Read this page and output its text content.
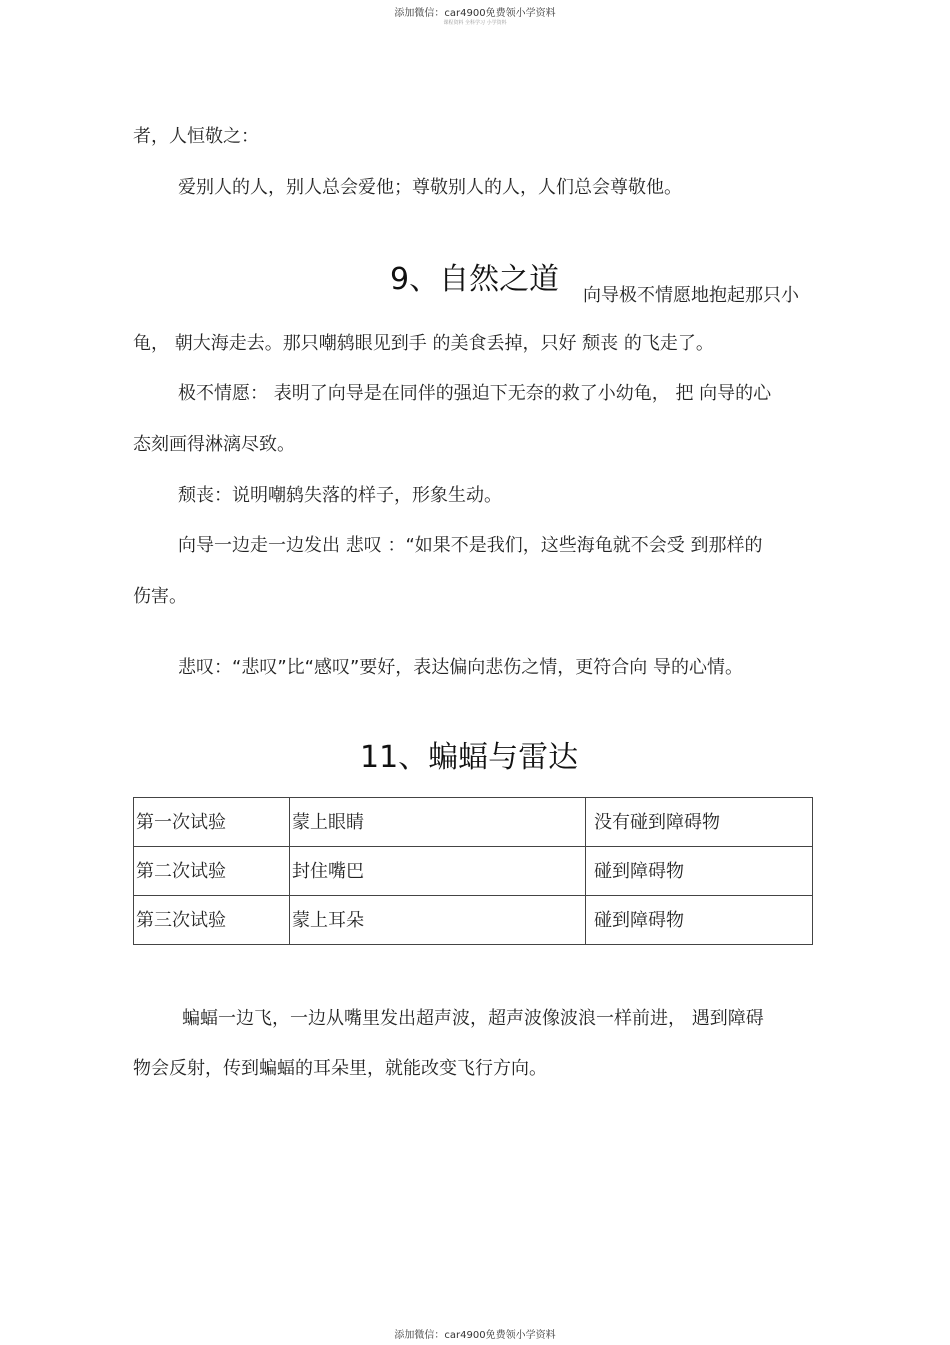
添加微信：car4900免费领小学资料
课程资料 全科学习 小学资料
者，人恒敬之：
爱别人的人，别人总会爱他；尊敬别人的人，人们总会尊敬他。
9、自然之道 向导极不情愿地抱起那只小
龟， 朝大海走去。那只嘲鸫眼见到手 的美食丢掉，只好 颓丧 的飞走了。
极不情愿： 表明了向导是在同伴的强迫下无奈的救了小幼龟， 把 向导的心
态刻画得淋漓尽致。
颓丧：说明嘲鸫失落的样子，形象生动。
向导一边走一边发出 悲叹 ：“如果不是我们，这些海龟就不会受 到那样的
伤害。
悲叹：“悲叹”比“感叹”要好，表达偏向悲伤之情，更符合向 导的心情。
11、蝙蝠与雷达
第一次试验	蒙上眼睛	没有碰到障碍物
第二次试验	封住嘴巴	碰到障碍物
第三次试验	蒙上耳朵	碰到障碍物
蝙蝠一边飞，一边从嘴里发出超声波，超声波像波浪一样前进， 遇到障碍
物会反射，传到蝙蝠的耳朵里，就能改变飞行方向。
添加微信：car4900免费领小学资料
